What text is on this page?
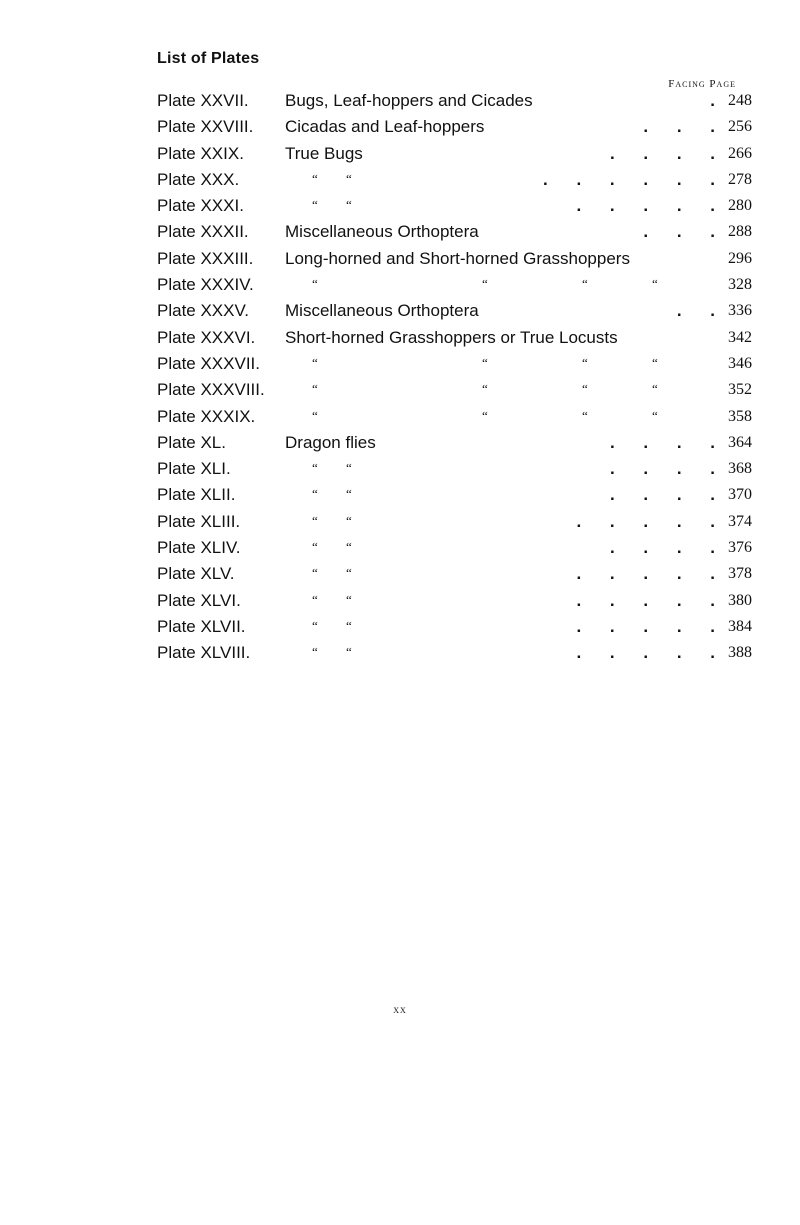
List of Plates
Facing Page
Plate XXVII. Bugs, Leaf-hoppers and Cicades	. 248
Plate XXVIII. Cicadas and Leaf-hoppers	. . . 256
Plate XXIX. True Bugs	. . . . 266
Plate XXX.	“ “	. . . . . . 278
Plate XXXI.	“ “	. . . . . 280
Plate XXXII. Miscellaneous Orthoptera	. . . 288
Plate XXXIII. Long-horned and Short-horned Grasshoppers	296
Plate XXXIV.	“	“	“	“	328
Plate XXXV. Miscellaneous Orthoptera	. . 336
Plate XXXVI. Short-horned Grasshoppers or True Locusts	342
Plate XXXVII.	“	“	“	“	346
Plate XXXVIII.	“	“	“	“	352
Plate XXXIX.	“	“	“	“	358
Plate XL.	Dragon flies	. . . . 364
Plate XLI.	“ “	. . . . 368
Plate XLII.	“ “	. . . . 370
Plate XLIII.	“ “	. . . . . 374
Plate XLIV.	“ “	. . . . 376
Plate XLV.	“ “	. . . . . 378
Plate XLVI.	“ “	. . . . . 380
Plate XLVII.	“ “	. . . . . 384
Plate XLVIII.	“ “	. . . . . 388
xx
